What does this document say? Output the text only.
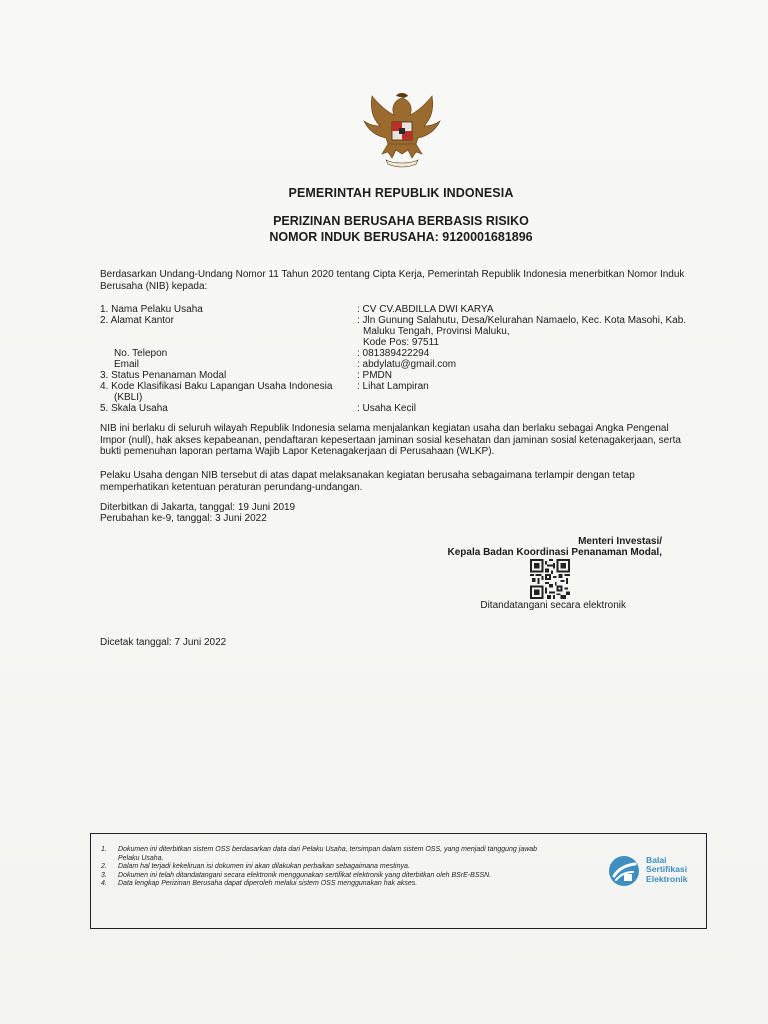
PEMERINTAH REPUBLIK INDONESIA
PERIZINAN BERUSAHA BERBASIS RISIKO
NOMOR INDUK BERUSAHA: 9120001681896
Berdasarkan Undang-Undang Nomor 11 Tahun 2020 tentang Cipta Kerja, Pemerintah Republik Indonesia menerbitkan Nomor Induk
Berusaha (NIB) kepada:
1. Nama Pelaku Usaha	: CV CV.ABDILLA DWI KARYA
2. Alamat Kantor	: Jln Gunung Salahutu, Desa/Kelurahan Namaelo, Kec. Kota Masohi, Kab.
Maluku Tengah, Provinsi Maluku,
Kode Pos: 97511
No. Telepon	: 081389422294
Email	: abdylatu@gmail.com
3. Status Penanaman Modal	: PMDN
4. Kode Klasifikasi Baku Lapangan Usaha Indonesia	: Lihat Lampiran
(KBLI)
5. Skala Usaha	: Usaha Kecil
NIB ini berlaku di seluruh wilayah Republik Indonesia selama menjalankan kegiatan usaha dan berlaku sebagai Angka Pengenal
Impor (null), hak akses kepabeanan, pendaftaran kepesertaan jaminan sosial kesehatan dan jaminan sosial ketenagakerjaan, serta
bukti pemenuhan laporan pertama Wajib Lapor Ketenagakerjaan di Perusahaan (WLKP).
Pelaku Usaha dengan NIB tersebut di atas dapat melaksanakan kegiatan berusaha sebagaimana terlampir dengan tetap
memperhatikan ketentuan peraturan perundang-undangan.
Diterbitkan di Jakarta, tanggal: 19 Juni 2019
Perubahan ke-9, tanggal: 3 Juni 2022
Menteri Investasi/
Kepala Badan Koordinasi Penanaman Modal,
Ditandatangani secara elektronik
Dicetak tanggal: 7 Juni 2022
1.	Dokumen ini diterbitkan sistem OSS berdasarkan data dari Pelaku Usaha, tersimpan dalam sistem OSS, yang menjadi tanggung jawab
Pelaku Usaha.
2.	Dalam hal terjadi kekeliruan isi dokumen ini akan dilakukan perbaikan sebagaimana mestinya.
3.	Dokumen ini telah ditandatangani secara elektronik menggunakan sertifikat elektronik yang diterbitkan oleh BSrE-BSSN.
4.	Data lengkap Perizinan Berusaha dapat diperoleh melalui sistem OSS menggunakan hak akses.
Balai
Sertifikasi
Elektronik
